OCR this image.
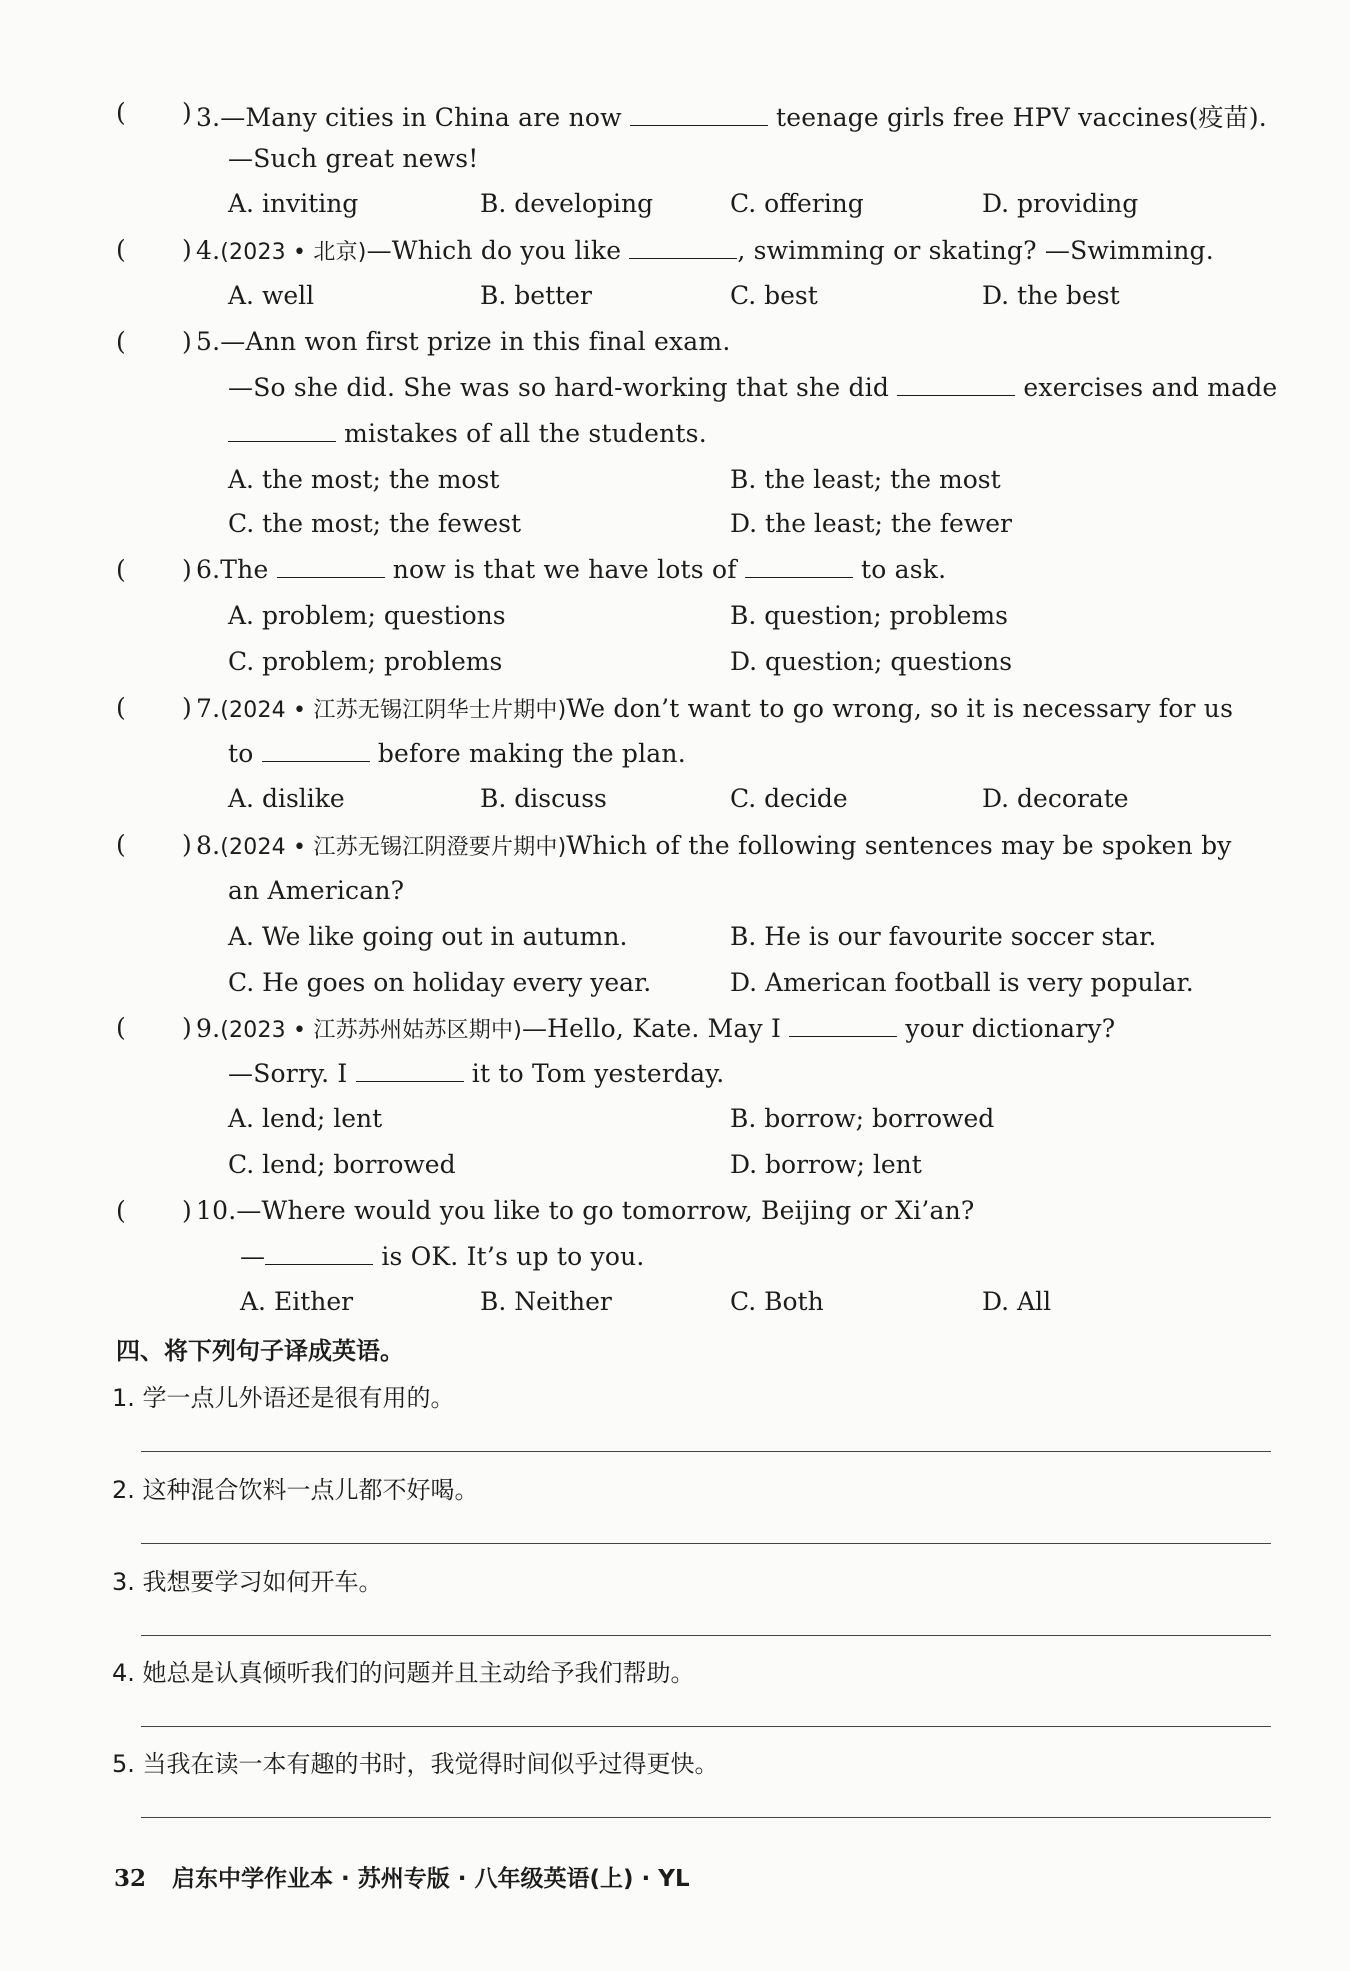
( ) 3.—Many cities in China are now	teenage girls free HPV vaccines(疫苗).
—Such great news!
A. inviting	B. developing	C. offering	D. providing
( ) 4.(2023 • 北京)—Which do you like	, swimming or skating? —Swimming.
A. well	B. better	C. best	D. the best
( ) 5.—Ann won first prize in this final exam.
—So she did. She was so hard-working that she did	exercises and made
mistakes of all the students.
A. the most; the most	B. the least; the most
C. the most; the fewest	D. the least; the fewer
( ) 6.The	now is that we have lots of	to ask.
A. problem; questions	B. question; problems
C. problem; problems	D. question; questions
( ) 7.(2024 • 江苏无锡江阴华士片期中)We don’t want to go wrong, so it is necessary for us
to	before making the plan.
A. dislike	B. discuss	C. decide	D. decorate
( ) 8.(2024 • 江苏无锡江阴澄要片期中)Which of the following sentences may be spoken by
an American?
A. We like going out in autumn.	B. He is our favourite soccer star.
C. He goes on holiday every year.	D. American football is very popular.
( ) 9.(2023 • 江苏苏州姑苏区期中)—Hello, Kate. May I	your dictionary?
—Sorry. I	it to Tom yesterday.
A. lend; lent	B. borrow; borrowed
C. lend; borrowed	D. borrow; lent
( ) 10.—Where would you like to go tomorrow, Beijing or Xi’an?
—	is OK. It’s up to you.
A. Either	B. Neither	C. Both	D. All
四、将下列句子译成英语。
1. 学一点儿外语还是很有用的。
2. 这种混合饮料一点儿都不好喝。
3. 我想要学习如何开车。
4. 她总是认真倾听我们的问题并且主动给予我们帮助。
5. 当我在读一本有趣的书时，我觉得时间似乎过得更快。
32 启东中学作业本 · 苏州专版 · 八年级英语(上) · YL
